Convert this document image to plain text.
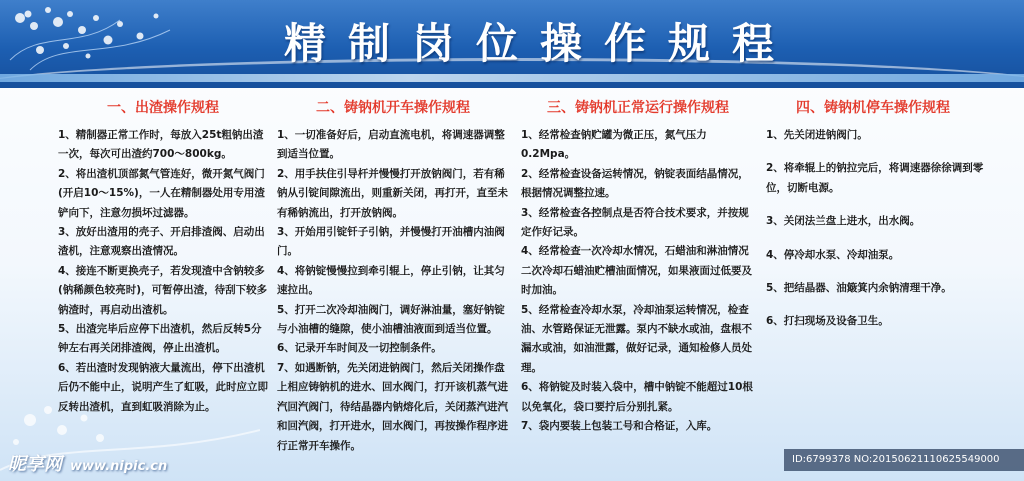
精制岗位操作规程
一、出渣操作规程

1、精制器正常工作时，每放入25t粗钠出渣一次，每次可出渣约700～800kg。

2、将出渣机顶部氮气管连好，微开氮气阀门(开启10～15%)，一人在精制器处用专用渣铲向下，注意勿损坏过滤器。

3、放好出渣用的壳子、开启排渣阀、启动出渣机，注意观察出渣情况。

4、接连不断更换壳子，若发现渣中含钠较多(钠稀颜色较亮时)，可暂停出渣，待刮下较多钠渣时，再启动出渣机。

5、出渣完毕后应停下出渣机，然后反转5分钟左右再关闭排渣阀，停止出渣机。

6、若出渣时发现钠液大量流出，停下出渣机后仍不能中止，说明产生了虹吸，此时应立即反转出渣机，直到虹吸消除为止。

二、铸钠机开车操作规程

1、一切准备好后，启动直流电机，将调速器调整到适当位置。

2、用手扶住引导杆并慢慢打开放钠阀门，若有稀钠从引锭间隙流出，则重新关闭，再打开，直至未有稀钠流出，打开放钠阀。

3、开始用引锭钎子引钠，并慢慢打开油槽内油阀门。

4、将钠锭慢慢拉到牵引辊上，停止引钠，让其匀速拉出。

5、打开二次冷却油阀门，调好淋油量，塞好钠锭与小油槽的缝隙，使小油槽油液面到适当位置。

6、记录开车时间及一切控制条件。

7、如遇断钠，先关闭进钠阀门，然后关闭操作盘上相应铸钠机的进水、回水阀门，打开该机蒸气进汽回汽阀门，待结晶器内钠熔化后，关闭蒸汽进汽和回汽阀，打开进水，回水阀门，再按操作程序进行正常开车操作。

三、铸钠机正常运行操作规程

1、经常检查钠贮罐为微正压，氮气压力0.2Mpa。

2、经常检查设备运转情况，钠锭表面结晶情况，根据情况调整拉速。

3、经常检查各控制点是否符合技术要求，并按规定作好记录。

4、经常检查一次冷却水情况，石蜡油和淋油情况二次冷却石蜡油贮槽油面情况，如果液面过低要及时加油。

5、经常检查冷却水泵，冷却油泵运转情况，检查油、水管路保证无泄露。泵内不缺水或油，盘根不漏水或油，如油泄露，做好记录，通知检修人员处理。

6、将钠锭及时装入袋中，槽中钠锭不能超过10根以免氧化，袋口要拧后分别扎紧。

7、袋内要装上包装工号和合格证，入库。

四、铸钠机停车操作规程

1、先关闭进钠阀门。

2、将牵辊上的钠拉完后，将调速器徐徐调到零位，切断电源。

3、关闭法兰盘上进水，出水阀。

4、停冷却水泵、冷却油泵。

5、把结晶器、油簸箕内余钠清理干净。

6、打扫现场及设备卫生。

昵享网 www.nipic.cn	ID:6799378 NO:20150621110625549000
